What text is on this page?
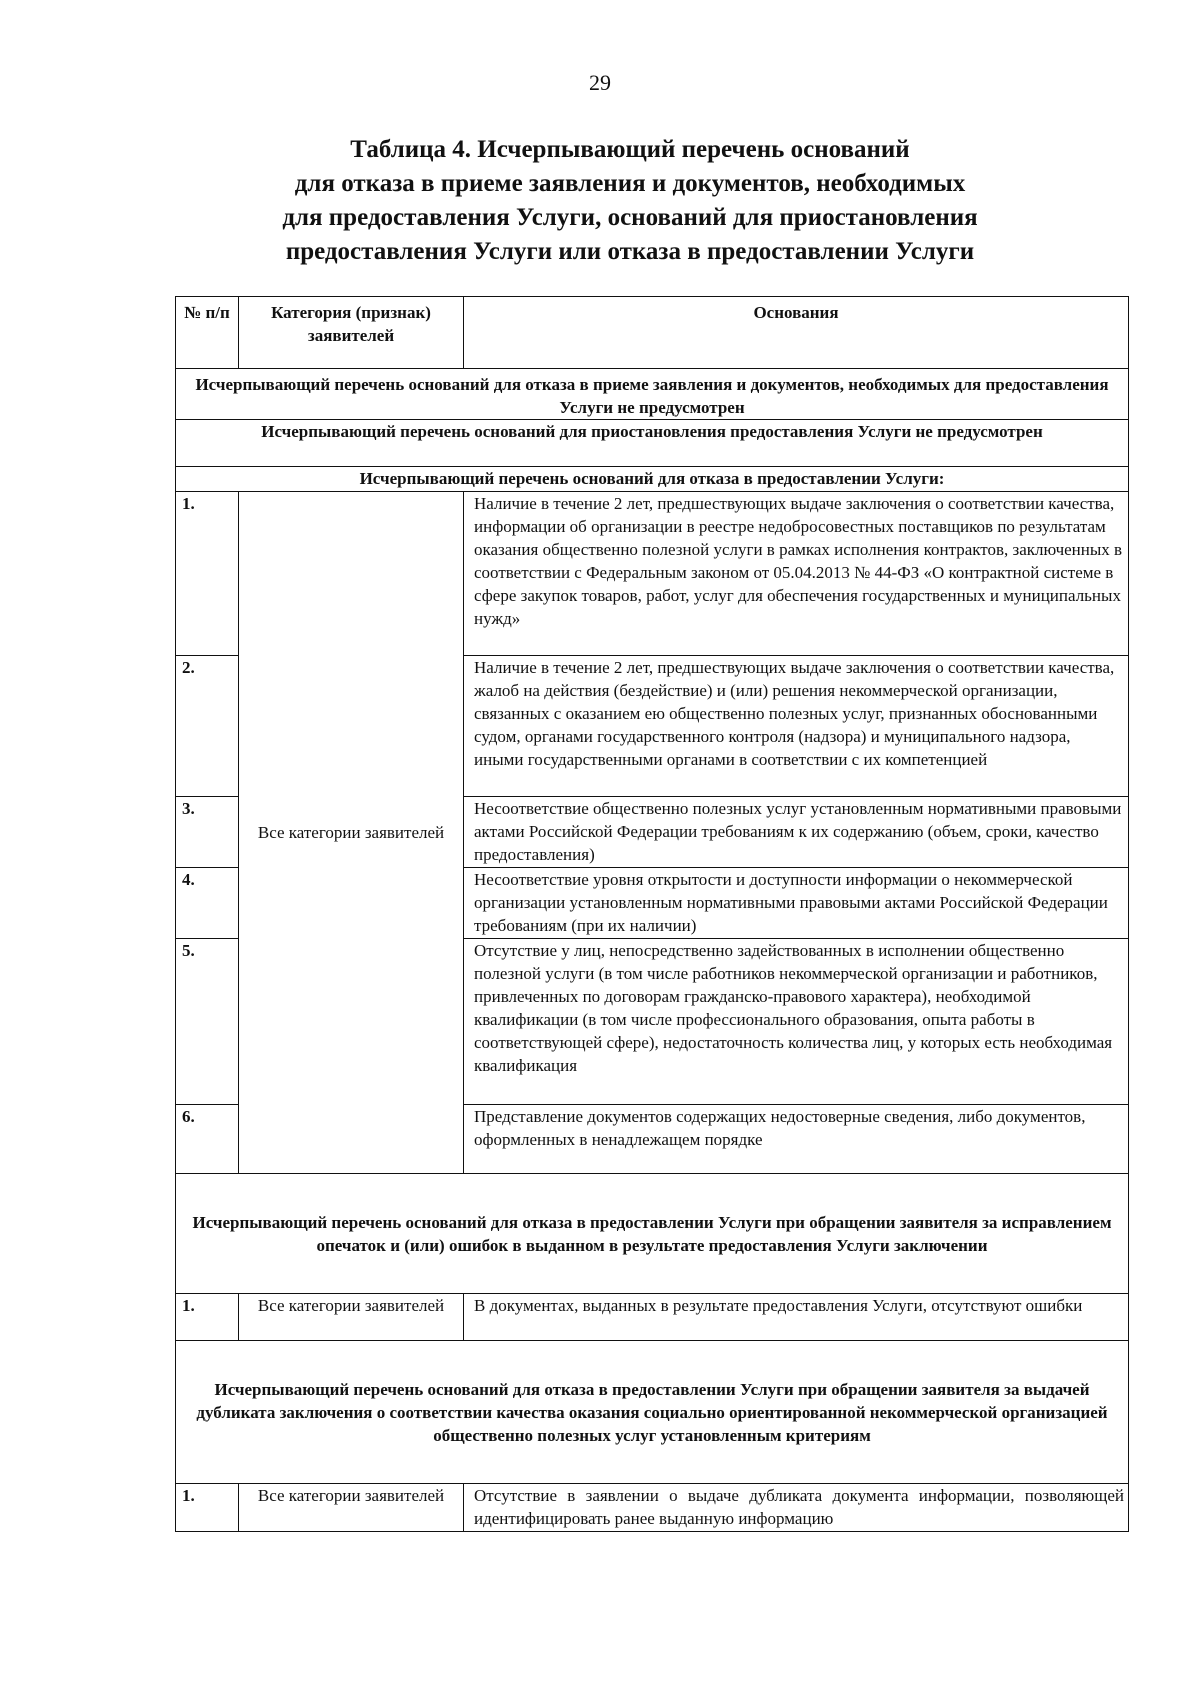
29
Таблица 4. Исчерпывающий перечень оснований
для отказа в приеме заявления и документов, необходимых
для предоставления Услуги, оснований для приостановления
предоставления Услуги или отказа в предоставлении Услуги
№ п/п	Категория (признак) заявителей	Основания
Исчерпывающий перечень оснований для отказа в приеме заявления и документов, необходимых для предоставления Услуги не предусмотрен		
Исчерпывающий перечень оснований для приостановления предоставления Услуги не предусмотрен		
Исчерпывающий перечень оснований для отказа в предоставлении Услуги:		
1.	Все категории заявителей	Наличие в течение 2 лет, предшествующих выдаче заключения о соответствии качества, информации об организации в реестре недобросовестных поставщиков по результатам оказания общественно полезной услуги в рамках исполнения контрактов, заключенных в соответствии с Федеральным законом от 05.04.2013 № 44-ФЗ «О контрактной системе в сфере закупок товаров, работ, услуг для обеспечения государственных и муниципальных нужд»
2.		Наличие в течение 2 лет, предшествующих выдаче заключения о соответствии качества, жалоб на действия (бездействие) и (или) решения некоммерческой организации, связанных с оказанием ею общественно полезных услуг, признанных обоснованными судом, органами государственного контроля (надзора) и муниципального надзора, иными государственными органами в соответствии с их компетенцией
3.		Несоответствие общественно полезных услуг установленным нормативными правовыми актами Российской Федерации требованиям к их содержанию (объем, сроки, качество предоставления)
4.		Несоответствие уровня открытости и доступности информации о некоммерческой организации установленным нормативными правовыми актами Российской Федерации требованиям (при их наличии)
5.		Отсутствие у лиц, непосредственно задействованных в исполнении общественно полезной услуги (в том числе работников некоммерческой организации и работников, привлеченных по договорам гражданско-правового характера), необходимой квалификации (в том числе профессионального образования, опыта работы в соответствующей сфере), недостаточность количества лиц, у которых есть необходимая квалификация
6.		Представление документов содержащих недостоверные сведения, либо документов, оформленных в ненадлежащем порядке
Исчерпывающий перечень оснований для отказа в предоставлении Услуги при обращении заявителя за исправлением опечаток и (или) ошибок в выданном в результате предоставления Услуги заключении		
1.	Все категории заявителей	В документах, выданных в результате предоставления Услуги, отсутствуют ошибки
Исчерпывающий перечень оснований для отказа в предоставлении Услуги при обращении заявителя за выдачей дубликата заключения о соответствии качества оказания социально ориентированной некоммерческой организацией общественно полезных услуг установленным критериям		
1.	Все категории заявителей	Отсутствие в заявлении о выдаче дубликата документа информации, позволяющей идентифицировать ранее выданную информацию
